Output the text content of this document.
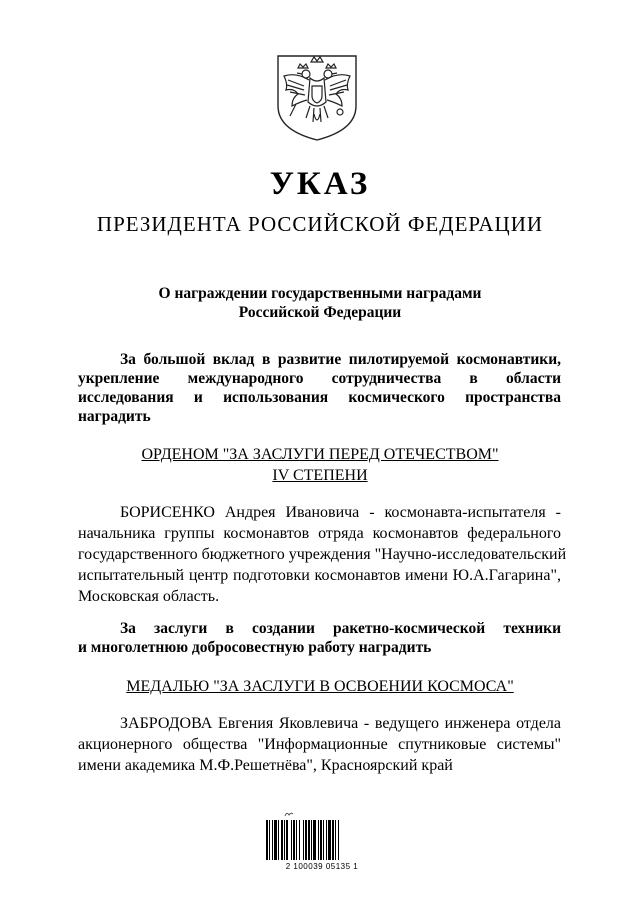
УКАЗ
ПРЕЗИДЕНТА РОССИЙСКОЙ ФЕДЕРАЦИИ
О награждении государственными наградами
Российской Федерации
За большой вклад в развитие пилотируемой космонавтики,
укрепление международного сотрудничества в области
исследования и использования космического пространства
наградить
ОРДЕНОМ "ЗА ЗАСЛУГИ ПЕРЕД ОТЕЧЕСТВОМ"
IV СТЕПЕНИ
БОРИСЕНКО Андрея Ивановича - космонавта-испытателя -
начальника группы космонавтов отряда космонавтов федерального
государственного бюджетного учреждения "Научно-исследовательский
испытательный центр подготовки космонавтов имени Ю.А.Гагарина",
Московская область.
За заслуги в создании ракетно-космической техники
и многолетнюю добросовестную работу наградить
МЕДАЛЬЮ "ЗА ЗАСЛУГИ В ОСВОЕНИИ КОСМОСА"
ЗАБРОДОВА Евгения Яковлевича - ведущего инженера отдела
акционерного общества "Информационные спутниковые системы"
имени академика М.Ф.Решетнёва", Красноярский край
2 100039 05135 1
